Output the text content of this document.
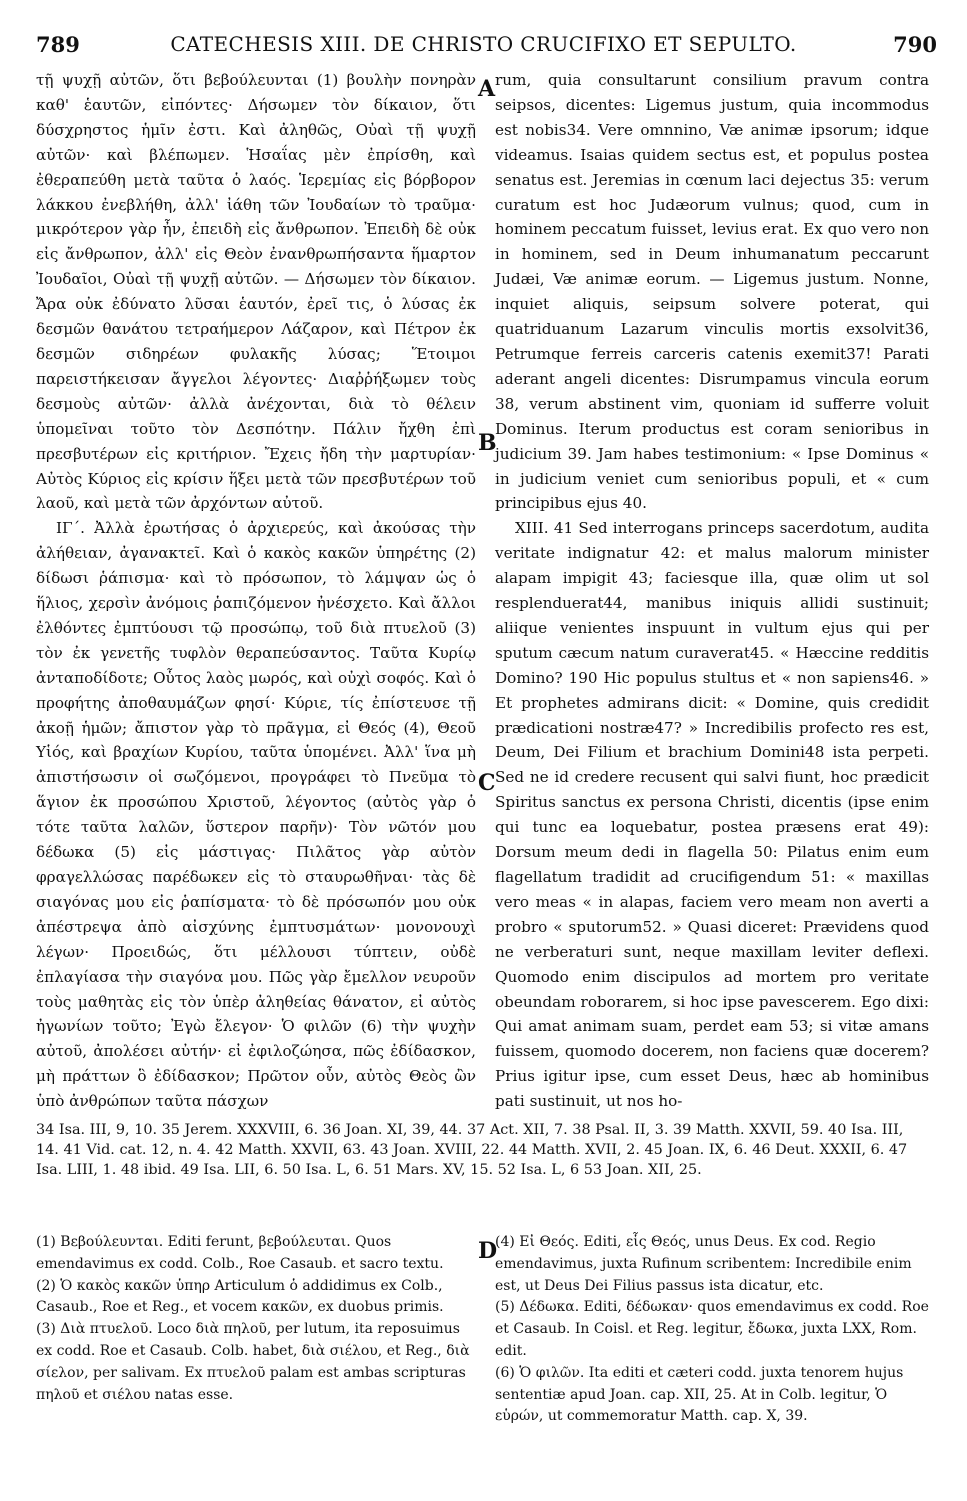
789	CATECHESIS XIII. DE CHRISTO CRUCIFIXO ET SEPULTO.	790

τῇ ψυχῇ αὐτῶν, ὅτι βεβούλευνται (1) βουλὴν πονηρὰν καθ' ἑαυτῶν, εἰπόντες· Δήσωμεν τὸν δίκαιον, ὅτι δύσχρηστος ἡμῖν ἐστι. Καὶ ἀληθῶς, Οὐαὶ τῇ ψυχῇ αὐτῶν· καὶ βλέπωμεν. Ἡσαΐας μὲν ἐπρίσθη, καὶ ἐθεραπεύθη μετὰ ταῦτα ὁ λαός. Ἱερεμίας εἰς βόρβορον λάκκου ἐνεβλήθη, ἀλλ' ἰάθη τῶν Ἰουδαίων τὸ τραῦμα· μικρότερον γὰρ ἦν, ἐπειδὴ εἰς ἄνθρωπον. Ἐπειδὴ δὲ οὐκ εἰς ἄνθρωπον, ἀλλ' εἰς Θεὸν ἐνανθρωπήσαντα ἥμαρτον Ἰουδαῖοι, Οὐαὶ τῇ ψυχῇ αὐτῶν. — Δήσωμεν τὸν δίκαιον. Ἄρα οὐκ ἐδύνατο λῦσαι ἑαυτόν, ἐρεῖ τις, ὁ λύσας ἐκ δεσμῶν θανάτου τετραήμερον Λάζαρον, καὶ Πέτρον ἐκ δεσμῶν σιδηρέων φυλακῆς λύσας; Ἕτοιμοι παρειστήκεισαν ἄγγελοι λέγοντες· Διαῤῥήξωμεν τοὺς δεσμοὺς αὐτῶν· ἀλλὰ ἀνέχονται, διὰ τὸ θέλειν ὑπομεῖναι τοῦτο τὸν Δεσπότην. Πάλιν ἤχθη ἐπὶ πρεσβυτέρων εἰς κριτήριον. Ἔχεις ἤδη τὴν μαρτυρίαν· Αὐτὸς Κύριος εἰς κρίσιν ἥξει μετὰ τῶν πρεσβυτέρων τοῦ λαοῦ, καὶ μετὰ τῶν ἀρχόντων αὐτοῦ.

ΙΓ΄. Ἀλλὰ ἐρωτήσας ὁ ἀρχιερεύς, καὶ ἀκούσας τὴν ἀλήθειαν, ἀγανακτεῖ. Καὶ ὁ κακὸς κακῶν ὑπηρέτης (2) δίδωσι ῥάπισμα· καὶ τὸ πρόσωπον, τὸ λάμψαν ὡς ὁ ἥλιος, χερσὶν ἀνόμοις ῥαπιζόμενον ἠνέσχετο. Καὶ ἄλλοι ἐλθόντες ἐμπτύουσι τῷ προσώπῳ, τοῦ διὰ πτυελοῦ (3) τὸν ἐκ γενετῆς τυφλὸν θεραπεύσαντος. Ταῦτα Κυρίῳ ἀνταποδίδοτε; Οὗτος λαὸς μωρός, καὶ οὐχὶ σοφός. Καὶ ὁ προφήτης ἀποθαυμάζων φησί· Κύριε, τίς ἐπίστευσε τῇ ἀκοῇ ἡμῶν; ἄπιστον γὰρ τὸ πρᾶγμα, εἰ Θεός (4), Θεοῦ Υἱός, καὶ βραχίων Κυρίου, ταῦτα ὑπομένει. Ἀλλ' ἵνα μὴ ἀπιστήσωσιν οἱ σωζόμενοι, προγράφει τὸ Πνεῦμα τὸ ἅγιον ἐκ προσώπου Χριστοῦ, λέγοντος (αὐτὸς γὰρ ὁ τότε ταῦτα λαλῶν, ὕστερον παρῆν)· Τὸν νῶτόν μου δέδωκα (5) εἰς μάστιγας· Πιλᾶτος γὰρ αὐτὸν φραγελλώσας παρέδωκεν εἰς τὸ σταυρωθῆναι· τὰς δὲ σιαγόνας μου εἰς ῥαπίσματα· τὸ δὲ πρόσωπόν μου οὐκ ἀπέστρεψα ἀπὸ αἰσχύνης ἐμπτυσμάτων· μονονουχὶ λέγων· Προειδώς, ὅτι μέλλουσι τύπτειν, οὐδὲ ἐπλαγίασα τὴν σιαγόνα μου. Πῶς γὰρ ἔμελλον νευροῦν τοὺς μαθητὰς εἰς τὸν ὑπὲρ ἀληθείας θάνατον, εἰ αὐτὸς ἠγωνίων τοῦτο; Ἐγὼ ἔλεγον· Ὁ φιλῶν (6) τὴν ψυχὴν αὐτοῦ, ἀπολέσει αὐτήν· εἰ ἐφιλοζώησα, πῶς ἐδίδασκον, μὴ πράττων ὃ ἐδίδασκον; Πρῶτον οὖν, αὐτὸς Θεὸς ὢν ὑπὸ ἀνθρώπων ταῦτα πάσχων

A
B
C
D

rum, quia consultarunt consilium pravum contra seipsos, dicentes: Ligemus justum, quia incommodus est nobis34. Vere omnnino, Væ animæ ipsorum; idque videamus. Isaias quidem sectus est, et populus postea senatus est. Jeremias in cœnum laci dejectus 35: verum curatum est hoc Judæorum vulnus; quod, cum in hominem peccatum fuisset, levius erat. Ex quo vero non in hominem, sed in Deum inhumanatum peccarunt Judæi, Væ animæ eorum. — Ligemus justum. Nonne, inquiet aliquis, seipsum solvere poterat, qui quatriduanum Lazarum vinculis mortis exsolvit36, Petrumque ferreis carceris catenis exemit37! Parati aderant angeli dicentes: Disrumpamus vincula eorum 38, verum abstinent vim, quoniam id sufferre voluit Dominus. Iterum productus est coram senioribus in judicium 39. Jam habes testimonium: « Ipse Dominus « in judicium veniet cum senioribus populi, et « cum principibus ejus 40.

XIII. 41 Sed interrogans princeps sacerdotum, audita veritate indignatur 42: et malus malorum minister alapam impigit 43; faciesque illa, quæ olim ut sol resplenduerat44, manibus iniquis allidi sustinuit; aliique venientes inspuunt in vultum ejus qui per sputum cæcum natum curaverat45. « Hæccine redditis Domino? 190 Hic populus stultus et « non sapiens46. » Et prophetes admirans dicit: « Domine, quis credidit prædicationi nostræ47? » Incredibilis profecto res est, Deum, Dei Filium et brachium Domini48 ista perpeti. Sed ne id credere recusent qui salvi fiunt, hoc prædicit Spiritus sanctus ex persona Christi, dicentis (ipse enim qui tunc ea loquebatur, postea præsens erat 49): Dorsum meum dedi in flagella 50: Pilatus enim eum flagellatum tradidit ad crucifigendum 51: « maxillas vero meas « in alapas, faciem vero meam non averti a probro « sputorum52. » Quasi diceret: Prævidens quod ne verberaturi sunt, neque maxillam leviter deflexi. Quomodo enim discipulos ad mortem pro veritate obeundam roborarem, si hoc ipse pavescerem. Ego dixi: Qui amat animam suam, perdet eam 53; si vitæ amans fuissem, quomodo docerem, non faciens quæ docerem? Prius igitur ipse, cum esset Deus, hæc ab hominibus pati sustinuit, ut nos ho-

34 Isa. III, 9, 10. 35 Jerem. XXXVIII, 6. 36 Joan. XI, 39, 44. 37 Act. XII, 7. 38 Psal. II, 3. 39 Matth. XXVII, 59. 40 Isa. III, 14. 41 Vid. cat. 12, n. 4. 42 Matth. XXVII, 63. 43 Joan. XVIII, 22. 44 Matth. XVII, 2. 45 Joan. IX, 6. 46 Deut. XXXII, 6. 47 Isa. LIII, 1. 48 ibid. 49 Isa. LII, 6. 50 Isa. L, 6. 51 Mars. XV, 15. 52 Isa. L, 6 53 Joan. XII, 25.

(1) Βεβούλευνται. Editi ferunt, βεβούλευται. Quos emendavimus ex codd. Colb., Roe Casaub. et sacro textu.

(2) Ὁ κακὸς κακῶν ὑπηρ Articulum ὁ addidimus ex Colb., Casaub., Roe et Reg., et vocem κακῶν, ex duobus primis.

(3) Διὰ πτυελοῦ. Loco διὰ πηλοῦ, per lutum, ita reposuimus ex codd. Roe et Casaub. Colb. habet, διὰ σιέλου, et Reg., διὰ σίελον, per salivam. Ex πτυελοῦ palam est ambas scripturas πηλοῦ et σιέλου natas esse.

(4) Εἰ Θεός. Editi, εἷς Θεός, unus Deus. Ex cod. Regio emendavimus, juxta Rufinum scribentem: Incredibile enim est, ut Deus Dei Filius passus ista dicatur, etc.

(5) Δέδωκα. Editi, δέδωκαν· quos emendavimus ex codd. Roe et Casaub. In Coisl. et Reg. legitur, ἔδωκα, juxta LXX, Rom. edit.

(6) Ὁ φιλῶν. Ita editi et cæteri codd. juxta tenorem hujus sententiæ apud Joan. cap. XII, 25. At in Colb. legitur, Ὁ εὑρών, ut commemoratur Matth. cap. X, 39.
